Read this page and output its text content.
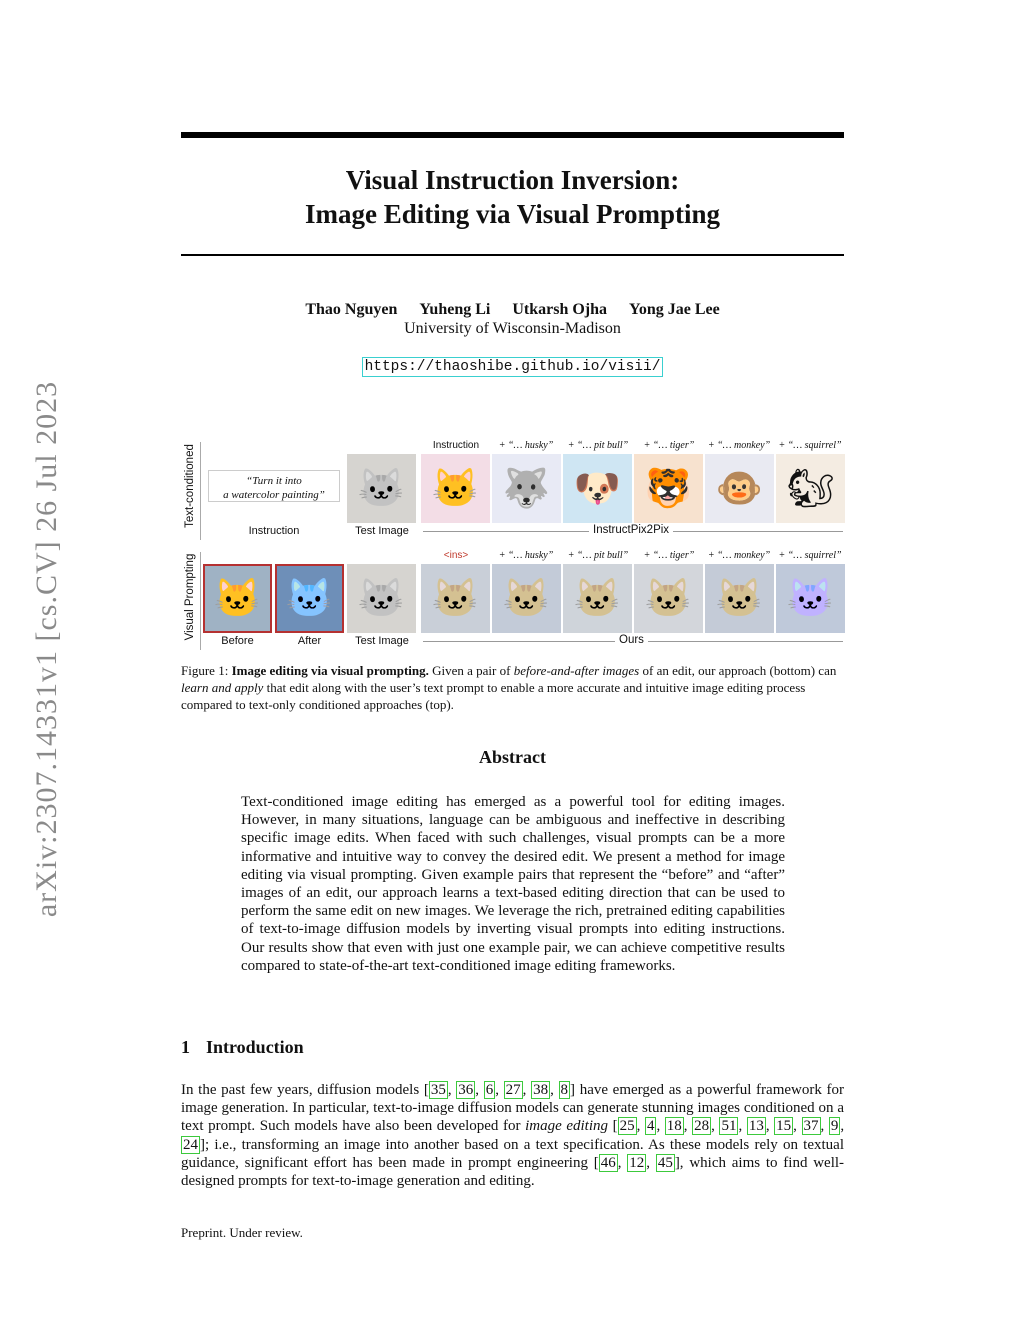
arXiv:2307.14331v1 [cs.CV] 26 Jul 2023
Visual Instruction Inversion:
Image Editing via Visual Prompting
Thao Nguyen Yuheng Li Utkarsh Ojha Yong Jae Lee
University of Wisconsin-Madison
https://thaoshibe.github.io/visii/
Text-conditioned
Visual Prompting
“Turn it into
a watercolor painting”
Instruction
🐱
Test Image
Instruction	+ “… husky”	+ “… pit bull”	+ “… tiger”	+ “… monkey” + “… squirrel”
🐱 🐺 🐶 🐯 🐵 🐿
InstructPix2Pix
🐱 🐱
Before	After
🐱
Test Image
<ins>	+ “… husky”	+ “… pit bull”	+ “… tiger”	+ “… monkey” + “… squirrel”
🐱 🐱 🐱 🐱 🐱 🐱
Ours
Figure 1: Image editing via visual prompting. Given a pair of before-and-after images of an edit, our approach (bottom) can learn and apply that edit along with the user’s text prompt to enable a more accurate and intuitive image editing process compared to text-only conditioned approaches (top).
Abstract
Text-conditioned image editing has emerged as a powerful tool for editing images. However, in many situations, language can be ambiguous and ineffective in describing specific image edits. When faced with such challenges, visual prompts can be a more informative and intuitive way to convey the desired edit. We present a method for image editing via visual prompting. Given example pairs that represent the “before” and “after” images of an edit, our approach learns a text-based editing direction that can be used to perform the same edit on new images. We leverage the rich, pretrained editing capabilities of text-to-image diffusion models by inverting visual prompts into editing instructions. Our results show that even with just one example pair, we can achieve competitive results compared to state-of-the-art text-conditioned image editing frameworks.
1 Introduction
In the past few years, diffusion models [ 35 , 36 , 6 , 27 , 38 , 8 ] have emerged as a powerful framework for image generation. In particular, text-to-image diffusion models can generate stunning images conditioned on a text prompt. Such models have also been developed for image editing [ 25 , 4 , 18 , 28 , 51 , 13 , 15 , 37 , 9 , 24 ]; i.e., transforming an image into another based on a text specification. As these models rely on textual guidance, significant effort has been made in prompt engineering [ 46 , 12 , 45 ], which aims to find well-designed prompts for text-to-image generation and editing.
Preprint. Under review.
